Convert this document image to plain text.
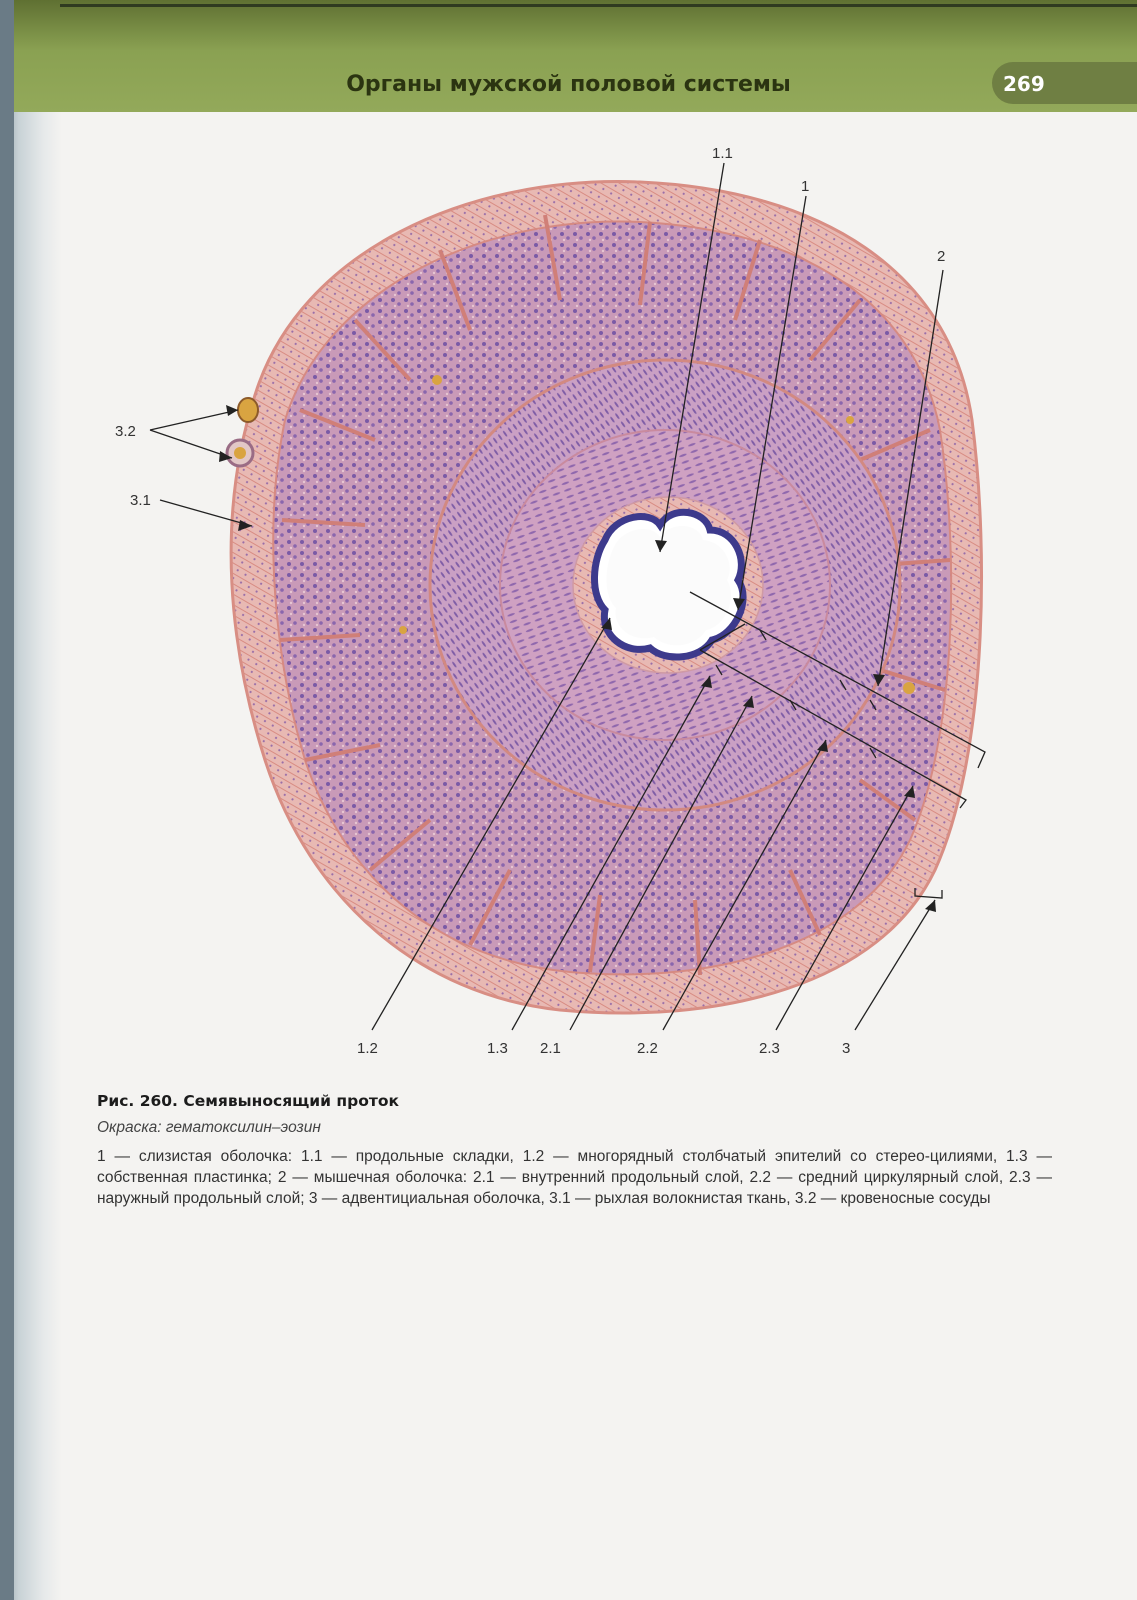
Органы мужской половой системы	269
1.1
1
2
3.2
3.1
1.2	1.3 2.1	2.2	2.3	3

Рис. 260. Семявыносящий проток

Окраска: гематоксилин–эозин

1 — слизистая оболочка: 1.1 — продольные складки, 1.2 — многорядный столбчатый эпителий со стерео-цилиями, 1.3 — собственная пластинка; 2 — мышечная оболочка: 2.1 — внутренний продольный слой, 2.2 — средний циркулярный слой, 2.3 — наружный продольный слой; 3 — адвентициальная оболочка, 3.1 — рыхлая волокнистая ткань, 3.2 — кровеносные сосуды
